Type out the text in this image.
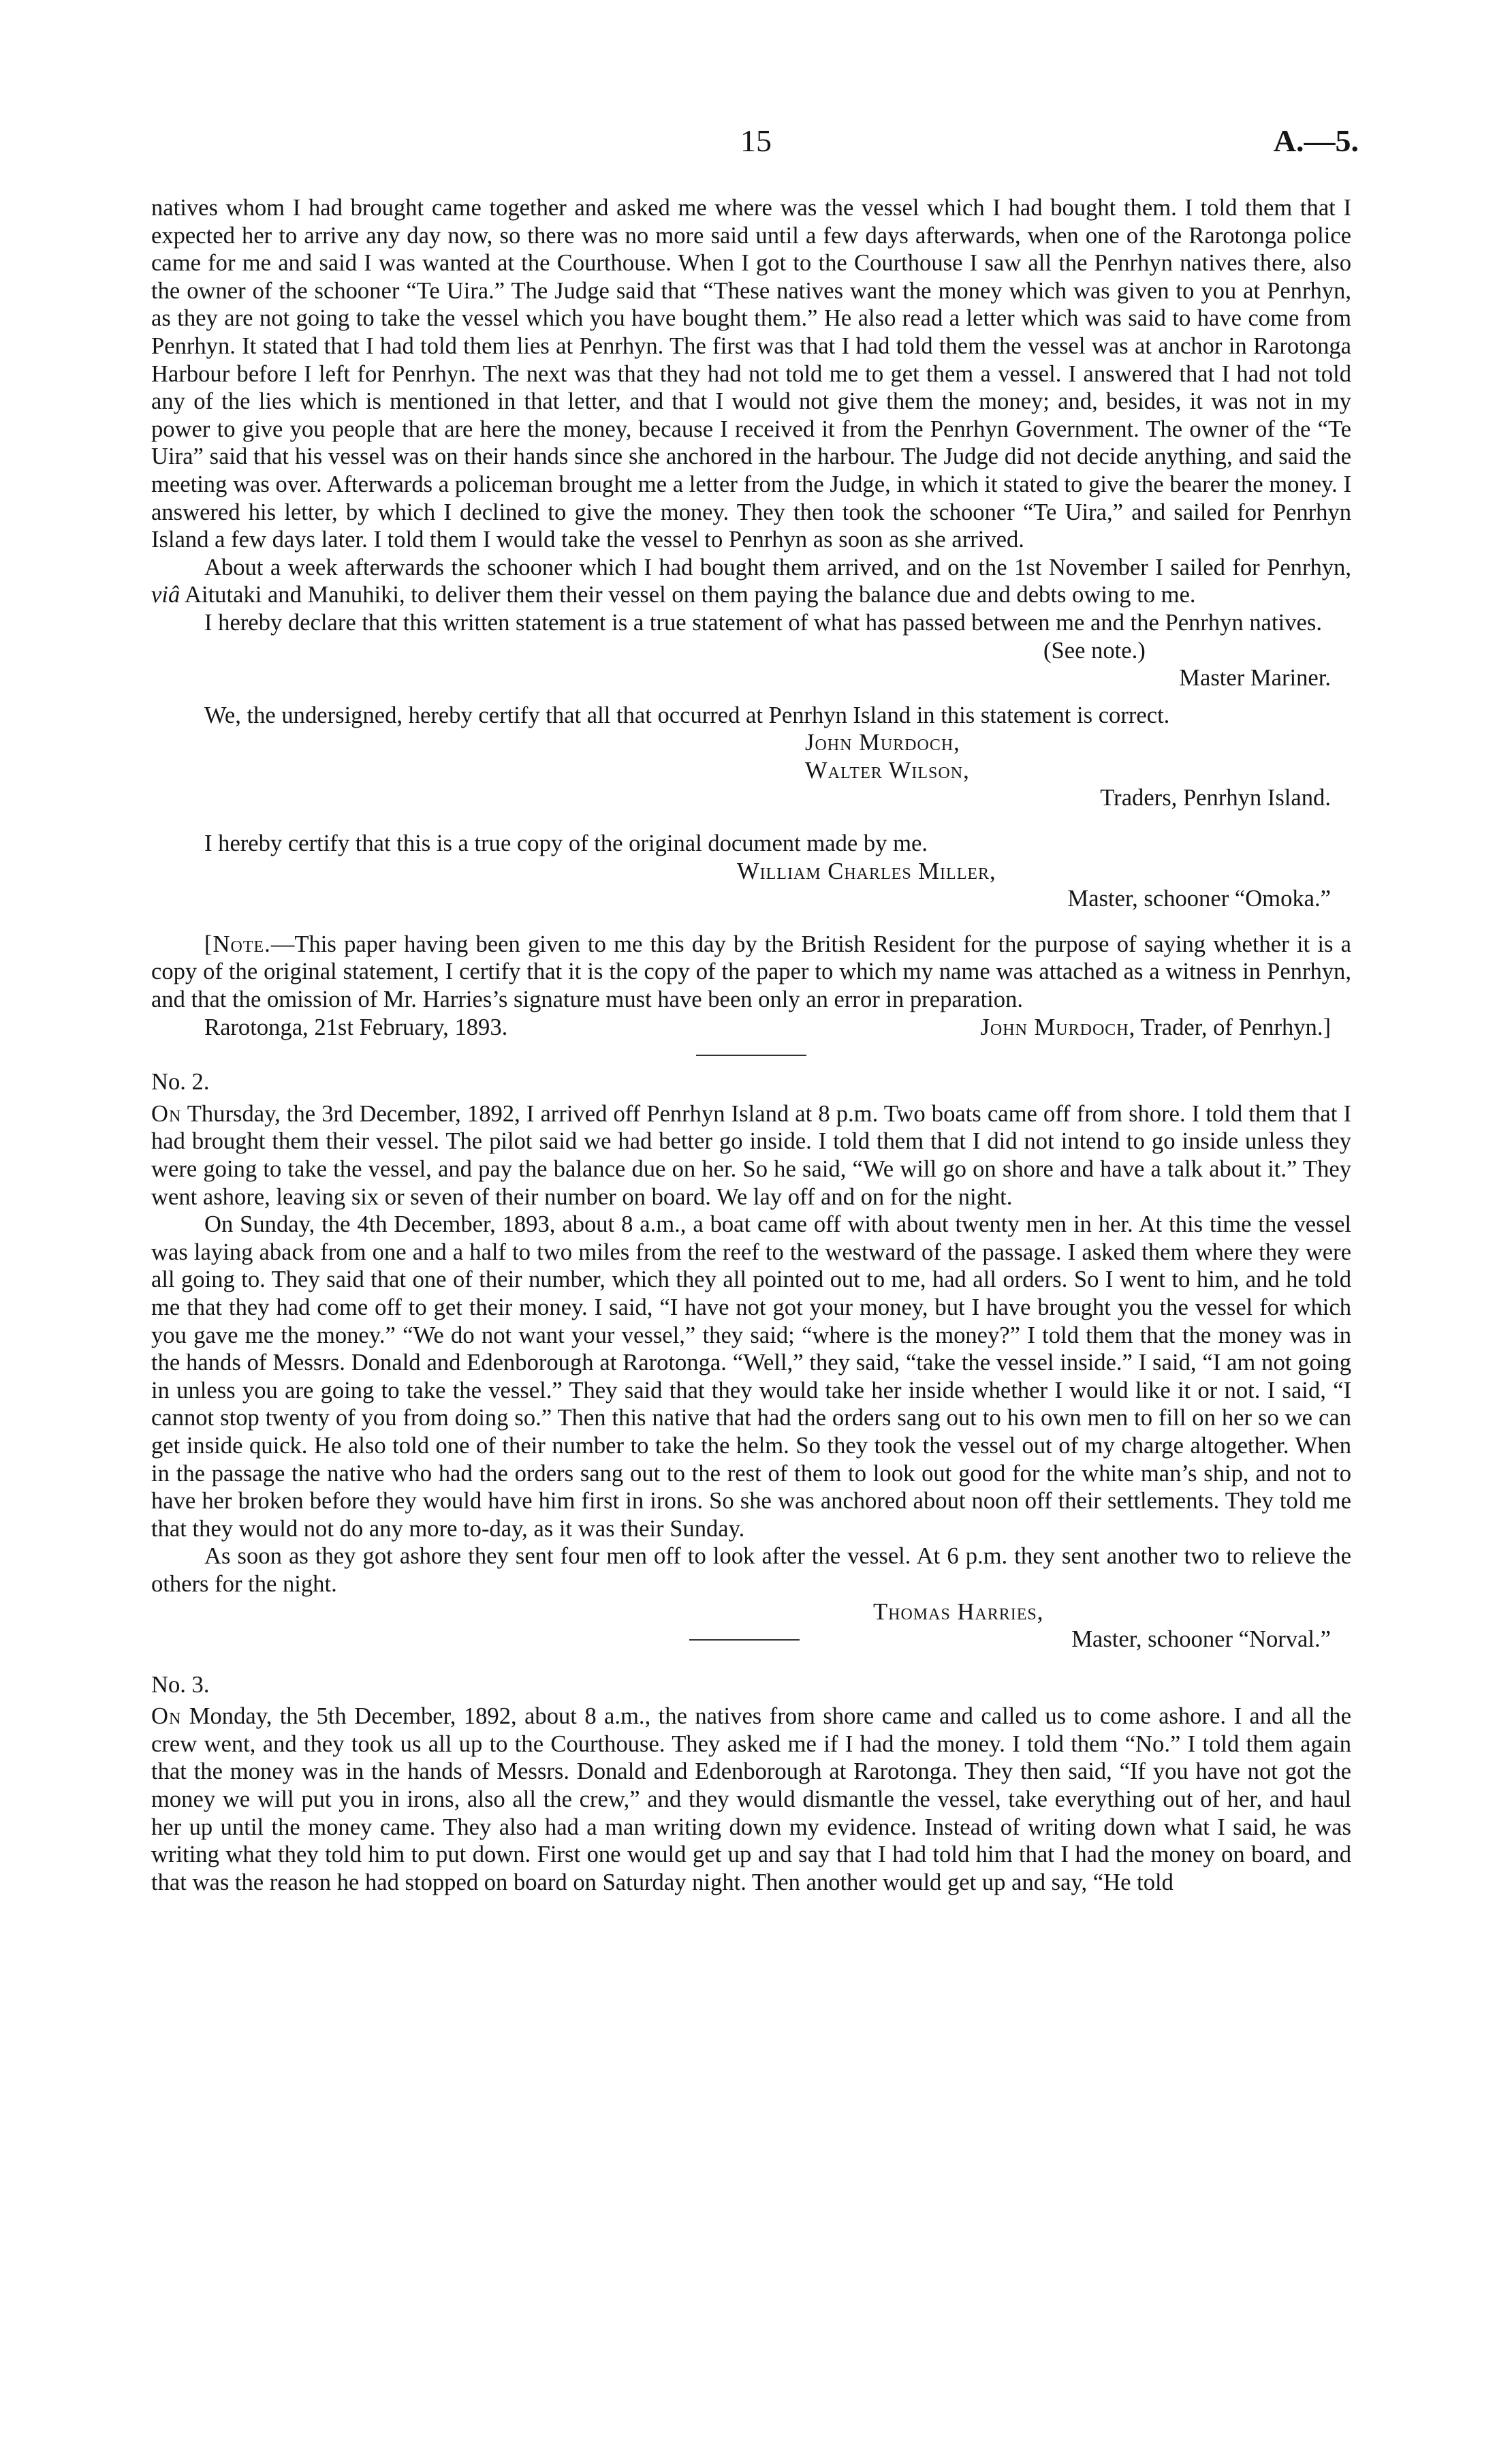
15	A.—5.

natives whom I had brought came together and asked me where was the vessel which I had bought them. I told them that I expected her to arrive any day now, so there was no more said until a few days afterwards, when one of the Rarotonga police came for me and said I was wanted at the Courthouse. When I got to the Courthouse I saw all the Penrhyn natives there, also the owner of the schooner “Te Uira.” The Judge said that “These natives want the money which was given to you at Penrhyn, as they are not going to take the vessel which you have bought them.” He also read a letter which was said to have come from Penrhyn. It stated that I had told them lies at Penrhyn. The first was that I had told them the vessel was at anchor in Rarotonga Harbour before I left for Penrhyn. The next was that they had not told me to get them a vessel. I answered that I had not told any of the lies which is mentioned in that letter, and that I would not give them the money; and, besides, it was not in my power to give you people that are here the money, because I received it from the Penrhyn Government. The owner of the “Te Uira” said that his vessel was on their hands since she anchored in the harbour. The Judge did not decide anything, and said the meeting was over. Afterwards a policeman brought me a letter from the Judge, in which it stated to give the bearer the money. I answered his letter, by which I declined to give the money. They then took the schooner “Te Uira,” and sailed for Penrhyn Island a few days later. I told them I would take the vessel to Penrhyn as soon as she arrived.

About a week afterwards the schooner which I had bought them arrived, and on the 1st November I sailed for Penrhyn, viâ Aitutaki and Manuhiki, to deliver them their vessel on them paying the balance due and debts owing to me.

I hereby declare that this written statement is a true statement of what has passed between me and the Penrhyn natives.

(See note.)
Master Mariner.

We, the undersigned, hereby certify that all that occurred at Penrhyn Island in this statement is correct.

John Murdoch,
Walter Wilson,
Traders, Penrhyn Island.

I hereby certify that this is a true copy of the original document made by me.

William Charles Miller,
Master, schooner “Omoka.”

[Note.—This paper having been given to me this day by the British Resident for the purpose of saying whether it is a copy of the original statement, I certify that it is the copy of the paper to which my name was attached as a witness in Penrhyn, and that the omission of Mr. Harries’s signature must have been only an error in preparation.

Rarotonga, 21st February, 1893.	John Murdoch, Trader, of Penrhyn.]

No. 2.

On Thursday, the 3rd December, 1892, I arrived off Penrhyn Island at 8 p.m. Two boats came off from shore. I told them that I had brought them their vessel. The pilot said we had better go inside. I told them that I did not intend to go inside unless they were going to take the vessel, and pay the balance due on her. So he said, “We will go on shore and have a talk about it.” They went ashore, leaving six or seven of their number on board. We lay off and on for the night.

On Sunday, the 4th December, 1893, about 8 a.m., a boat came off with about twenty men in her. At this time the vessel was laying aback from one and a half to two miles from the reef to the westward of the passage. I asked them where they were all going to. They said that one of their number, which they all pointed out to me, had all orders. So I went to him, and he told me that they had come off to get their money. I said, “I have not got your money, but I have brought you the vessel for which you gave me the money.” “We do not want your vessel,” they said; “where is the money?” I told them that the money was in the hands of Messrs. Donald and Edenborough at Rarotonga. “Well,” they said, “take the vessel inside.” I said, “I am not going in unless you are going to take the vessel.” They said that they would take her inside whether I would like it or not. I said, “I cannot stop twenty of you from doing so.” Then this native that had the orders sang out to his own men to fill on her so we can get inside quick. He also told one of their number to take the helm. So they took the vessel out of my charge altogether. When in the passage the native who had the orders sang out to the rest of them to look out good for the white man’s ship, and not to have her broken before they would have him first in irons. So she was anchored about noon off their settlements. They told me that they would not do any more to-day, as it was their Sunday.

As soon as they got ashore they sent four men off to look after the vessel. At 6 p.m. they sent another two to relieve the others for the night.

Thomas Harries,
Master, schooner “Norval.”

No. 3.

On Monday, the 5th December, 1892, about 8 a.m., the natives from shore came and called us to come ashore. I and all the crew went, and they took us all up to the Courthouse. They asked me if I had the money. I told them “No.” I told them again that the money was in the hands of Messrs. Donald and Edenborough at Rarotonga. They then said, “If you have not got the money we will put you in irons, also all the crew,” and they would dismantle the vessel, take everything out of her, and haul her up until the money came. They also had a man writing down my evidence. Instead of writing down what I said, he was writing what they told him to put down. First one would get up and say that I had told him that I had the money on board, and that was the reason he had stopped on board on Saturday night. Then another would get up and say, “He told
